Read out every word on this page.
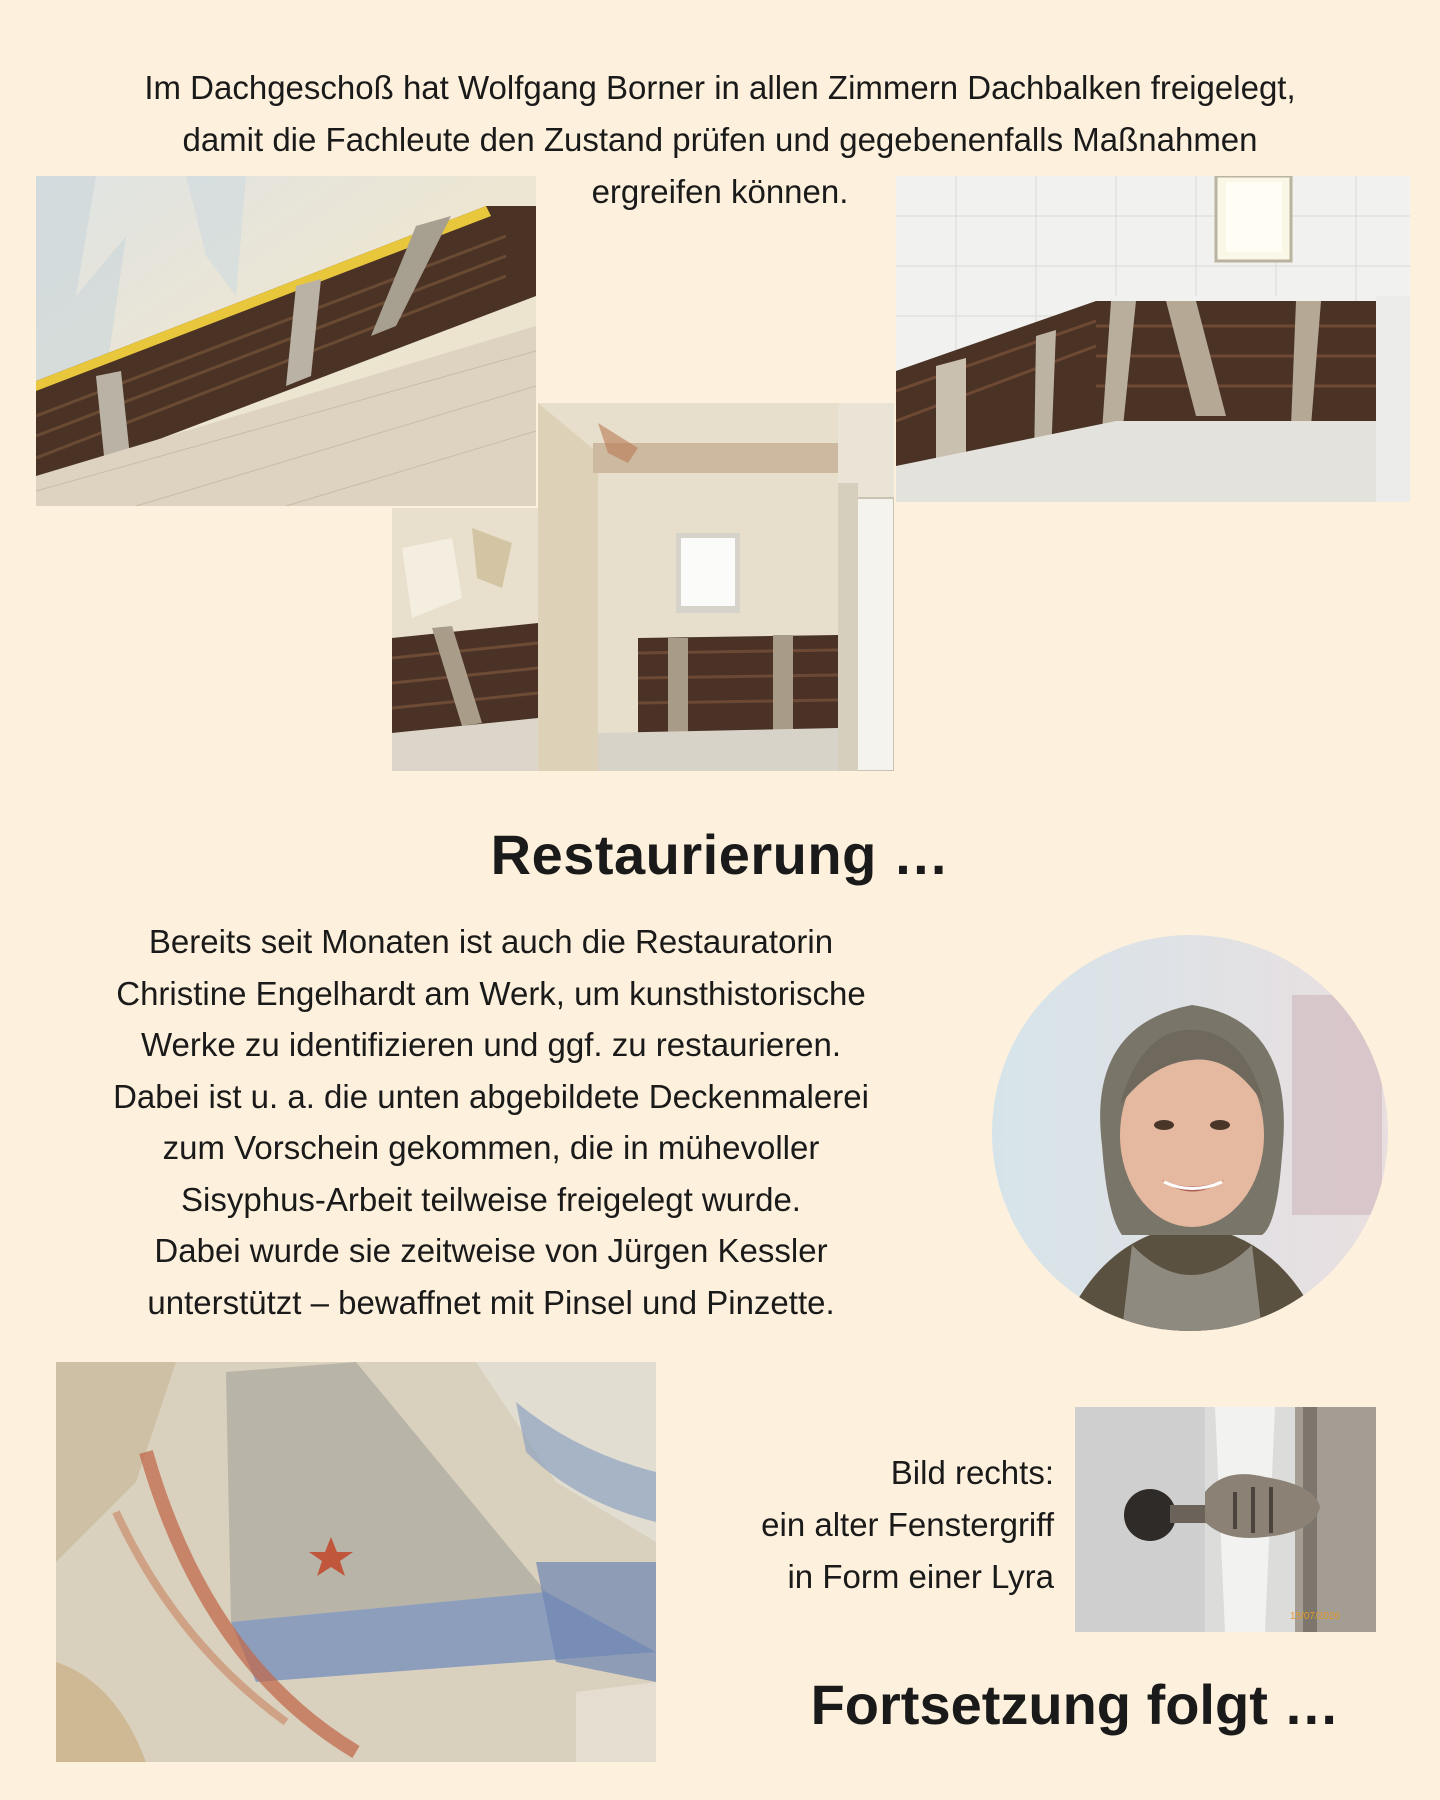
Im Dachgeschoß hat Wolfgang Borner in allen Zimmern Dachbalken freigelegt,
damit die Fachleute den Zustand prüfen und gegebenenfalls Maßnahmen
ergreifen können.
Restaurierung …
Bereits seit Monaten ist auch die Restauratorin
Christine Engelhardt am Werk, um kunsthistorische
Werke zu identifizieren und ggf. zu restaurieren.
Dabei ist u. a. die unten abgebildete Deckenmalerei
zum Vorschein gekommen, die in mühevoller
Sisyphus-Arbeit teilweise freigelegt wurde.
Dabei wurde sie zeitweise von Jürgen Kessler
unterstützt – bewaffnet mit Pinsel und Pinzette.
Bild rechts:
ein alter Fenstergriff
in Form einer Lyra
15/07/2026
Fortsetzung folgt …
